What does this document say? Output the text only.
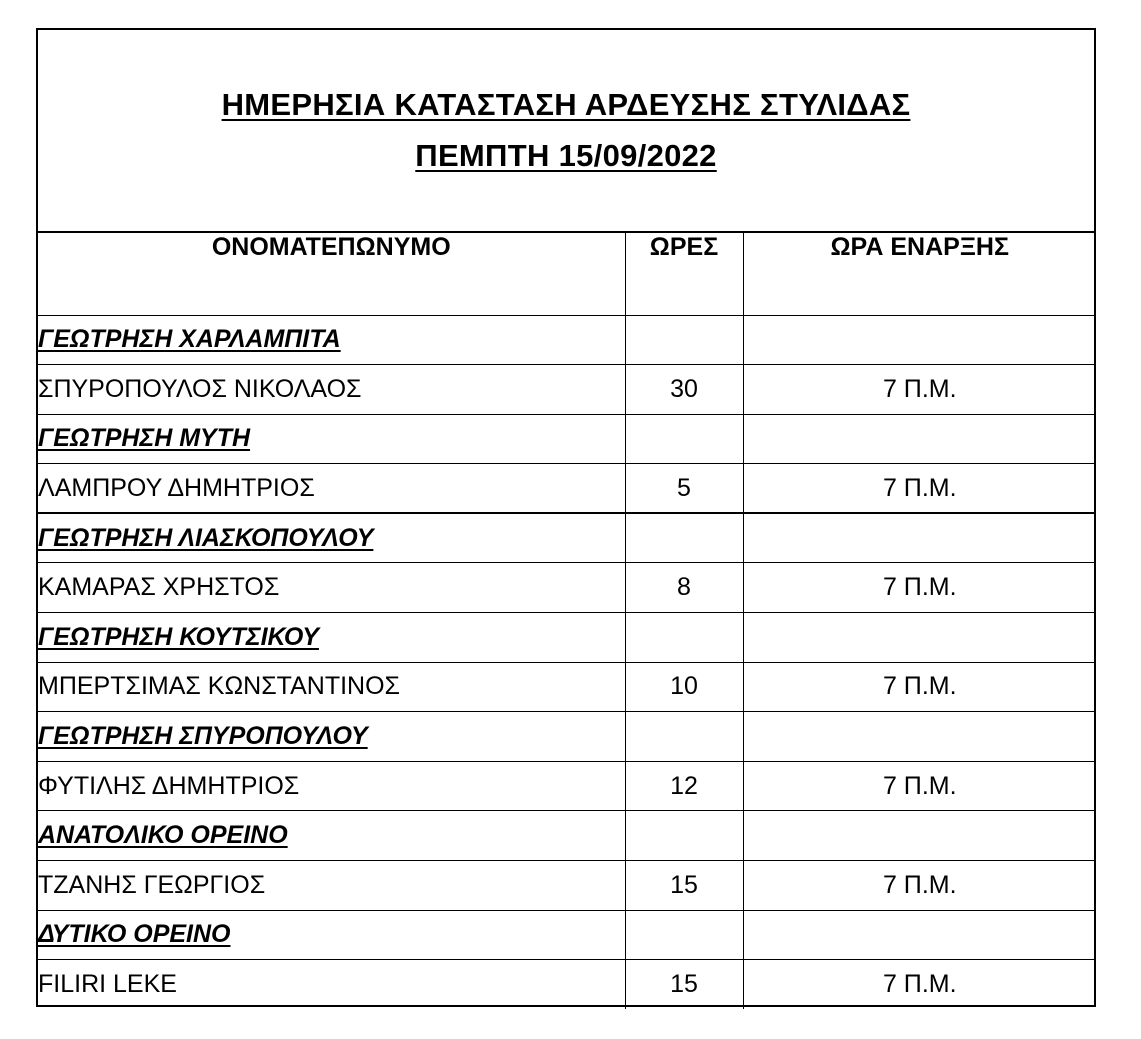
ΗΜΕΡΗΣΙΑ ΚΑΤΑΣΤΑΣΗ ΑΡΔΕΥΣΗΣ ΣΤΥΛΙΔΑΣ
ΠΕΜΠΤΗ 15/09/2022
ΟΝΟΜΑΤΕΠΩΝΥΜΟ	ΩΡΕΣ	ΩΡΑ ΕΝΑΡΞΗΣ
ΓΕΩΤΡΗΣΗ ΧΑΡΛΑΜΠΙΤΑ		
ΣΠΥΡΟΠΟΥΛΟΣ ΝΙΚΟΛΑΟΣ	30	7 Π.Μ.
ΓΕΩΤΡΗΣΗ ΜΥΤΗ		
ΛΑΜΠΡΟΥ ΔΗΜΗΤΡΙΟΣ	5	7 Π.Μ.
ΓΕΩΤΡΗΣΗ ΛΙΑΣΚΟΠΟΥΛΟΥ		
ΚΑΜΑΡΑΣ ΧΡΗΣΤΟΣ	8	7 Π.Μ.
ΓΕΩΤΡΗΣΗ ΚΟΥΤΣΙΚΟΥ		
ΜΠΕΡΤΣΙΜΑΣ ΚΩΝΣΤΑΝΤΙΝΟΣ	10	7 Π.Μ.
ΓΕΩΤΡΗΣΗ ΣΠΥΡΟΠΟΥΛΟΥ		
ΦΥΤΙΛΗΣ ΔΗΜΗΤΡΙΟΣ	12	7 Π.Μ.
ΑΝΑΤΟΛΙΚΟ ΟΡΕΙΝΟ		
ΤΖΑΝΗΣ ΓΕΩΡΓΙΟΣ	15	7 Π.Μ.
ΔΥΤΙΚΟ ΟΡΕΙΝΟ		
FILIRI LEKE	15	7 Π.Μ.
